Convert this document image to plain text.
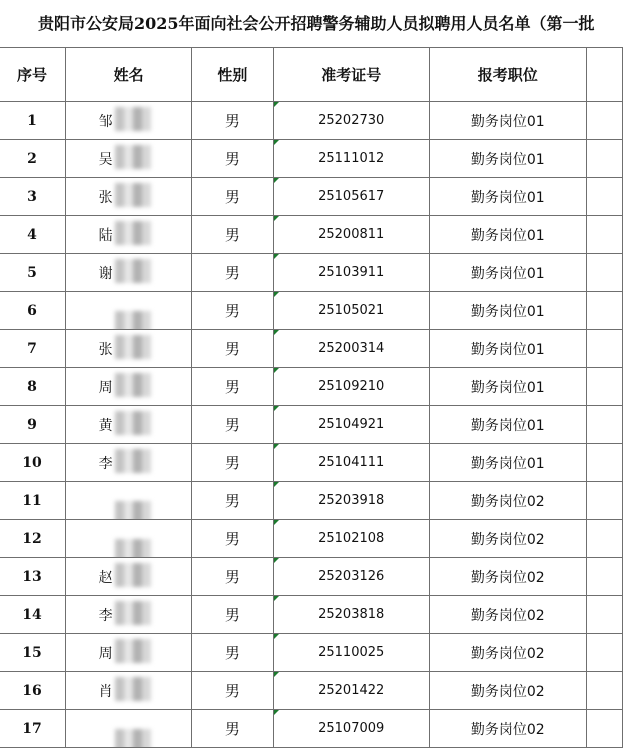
贵阳市公安局2025年面向社会公开招聘警务辅助人员拟聘用人员名单（第一批
序号	姓名	性别	准考证号	报考职位	
1	邹	男	25202730	勤务岗位01	
2	吴	男	25111012	勤务岗位01	
3	张	男	25105617	勤务岗位01	
4	陆	男	25200811	勤务岗位01	
5	谢	男	25103911	勤务岗位01	
6		男	25105021	勤务岗位01	
7	张	男	25200314	勤务岗位01	
8	周	男	25109210	勤务岗位01	
9	黄	男	25104921	勤务岗位01	
10	李	男	25104111	勤务岗位01	
11		男	25203918	勤务岗位02	
12		男	25102108	勤务岗位02	
13	赵	男	25203126	勤务岗位02	
14	李	男	25203818	勤务岗位02	
15	周	男	25110025	勤务岗位02	
16	肖	男	25201422	勤务岗位02	
17		男	25107009	勤务岗位02	
